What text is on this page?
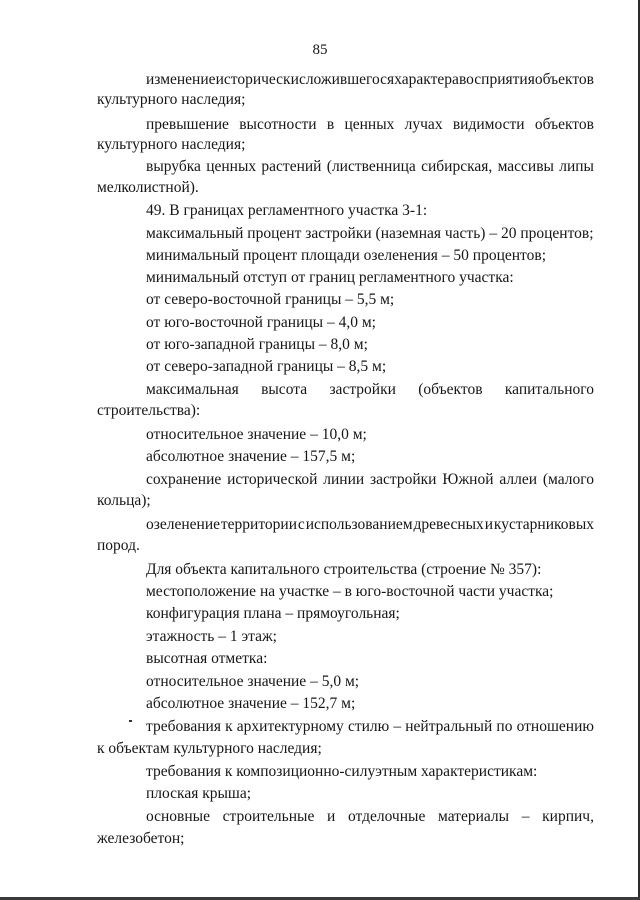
85
изменение исторически сложившегося характера восприятия объектов
культурного наследия;
превышение высотности в ценных лучах видимости объектов
культурного наследия;
вырубка ценных растений (лиственница сибирская, массивы липы
мелколистной).
49. В границах регламентного участка 3-1:
максимальный процент застройки (наземная часть) – 20 процентов;
минимальный процент площади озеленения – 50 процентов;
минимальный отступ от границ регламентного участка:
от северо-восточной границы – 5,5 м;
от юго-восточной границы – 4,0 м;
от юго-западной границы – 8,0 м;
от северо-западной границы – 8,5 м;
максимальная высота застройки (объектов капитального
строительства):
относительное значение – 10,0 м;
абсолютное значение – 157,5 м;
сохранение исторической линии застройки Южной аллеи (малого
кольца);
озеленение территории с использованием древесных и кустарниковых
пород.
Для объекта капитального строительства (строение № 357):
местоположение на участке – в юго-восточной части участка;
конфигурация плана – прямоугольная;
этажность – 1 этаж;
высотная отметка:
относительное значение – 5,0 м;
абсолютное значение – 152,7 м;
требования к архитектурному стилю – нейтральный по отношению
к объектам культурного наследия;
требования к композиционно-силуэтным характеристикам:
плоская крыша;
основные строительные и отделочные материалы – кирпич,
железобетон;
